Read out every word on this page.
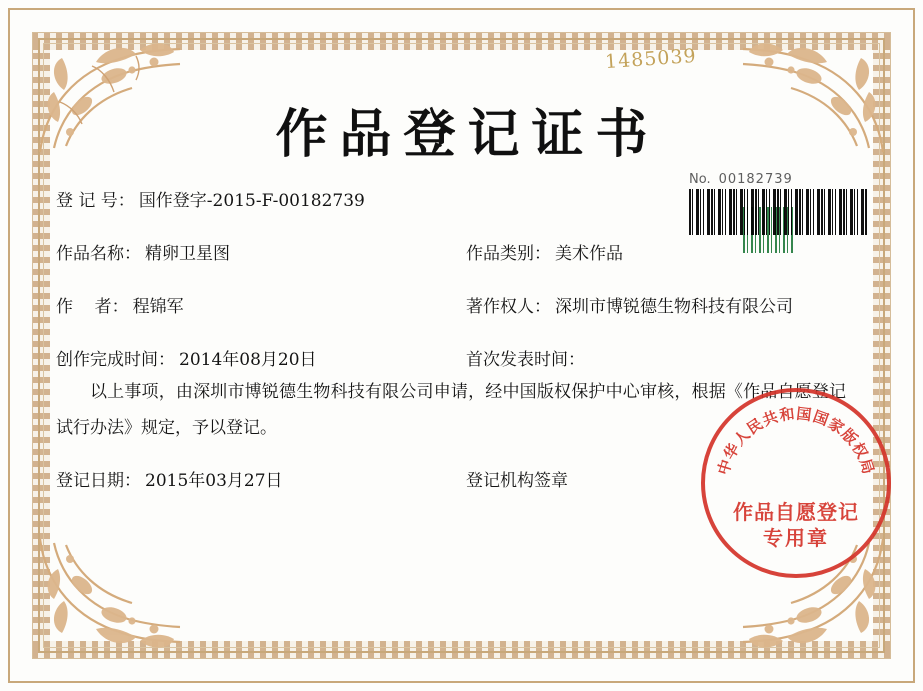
1485039
作品登记证书
No. 00182739
登 记 号： 国作登字-2015-F-00182739
作品名称： 精卵卫星图	作品类别： 美术作品
作    者： 程锦军	著作权人： 深圳市博锐德生物科技有限公司
创作完成时间： 2014年08月20日	首次发表时间：
以上事项，由深圳市博锐德生物科技有限公司申请，经中国版权保护中心审核，根据《作品自愿登记试行办法》规定，予以登记。
登记日期： 2015年03月27日	登记机构签章
中华人民共和国国家版权局
作品自愿登记
专用章
